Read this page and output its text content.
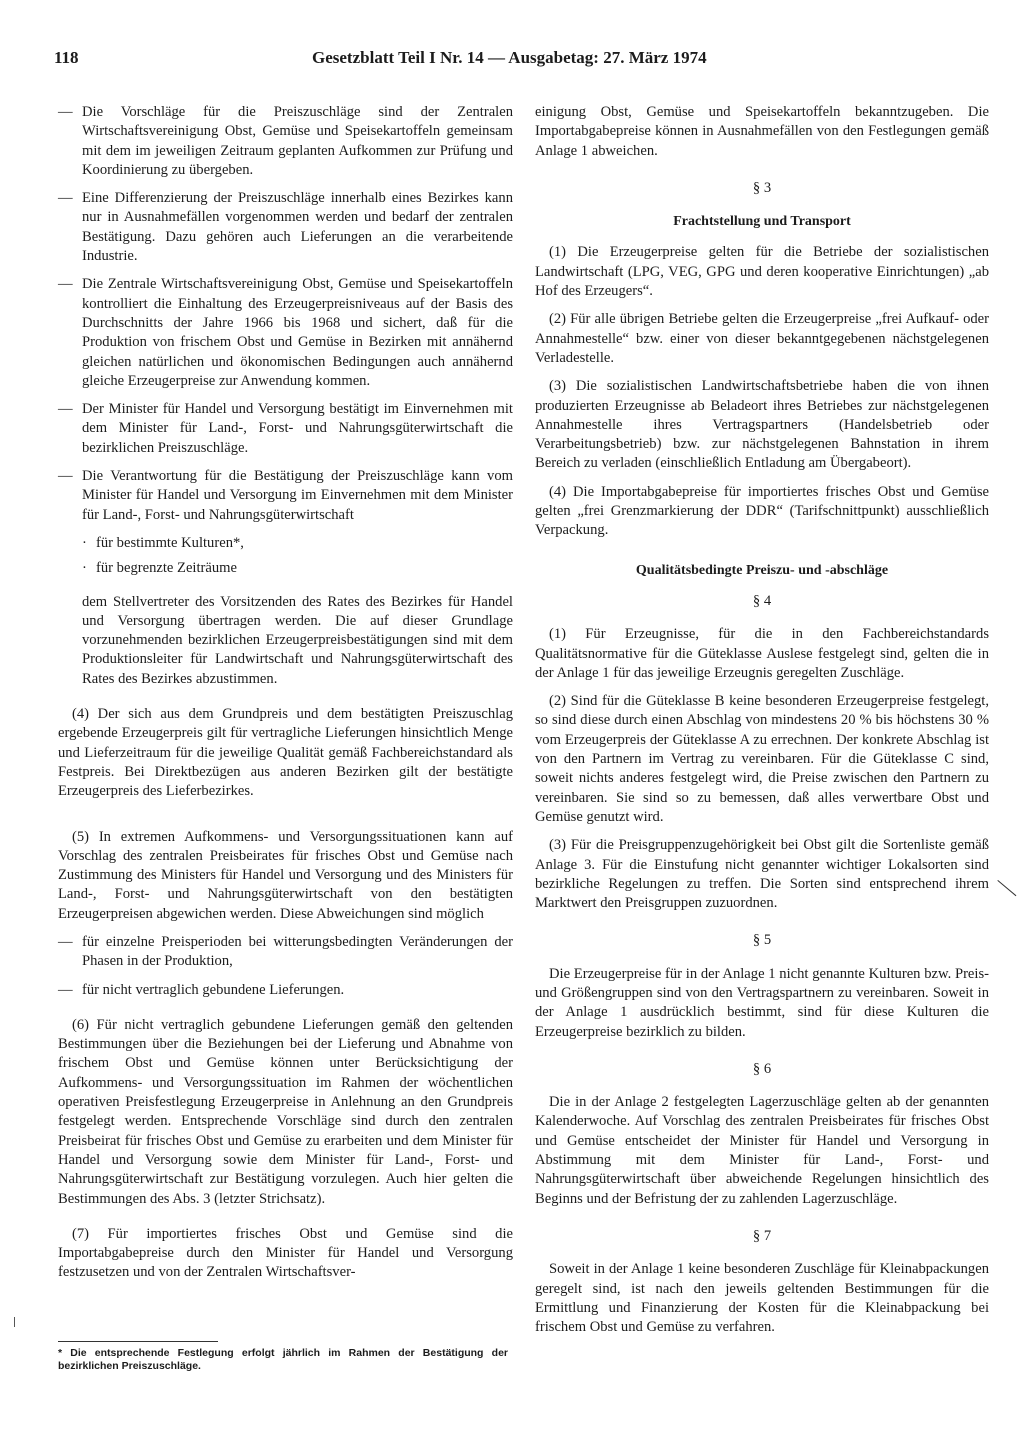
118	Gesetzblatt Teil I Nr. 14 — Ausgabetag: 27. März 1974
— Die Vorschläge für die Preiszuschläge sind der Zentralen Wirtschaftsvereinigung Obst, Gemüse und Speisekartoffeln gemeinsam mit dem im jeweiligen Zeitraum geplanten Aufkommen zur Prüfung und Koordinierung zu übergeben.
— Eine Differenzierung der Preiszuschläge innerhalb eines Bezirkes kann nur in Ausnahmefällen vorgenommen werden und bedarf der zentralen Bestätigung. Dazu gehören auch Lieferungen an die verarbeitende Industrie.
— Die Zentrale Wirtschaftsvereinigung Obst, Gemüse und Speisekartoffeln kontrolliert die Einhaltung des Erzeugerpreisniveaus auf der Basis des Durchschnitts der Jahre 1966 bis 1968 und sichert, daß für die Produktion von frischem Obst und Gemüse in Bezirken mit annähernd gleichen natürlichen und ökonomischen Bedingungen auch annähernd gleiche Erzeugerpreise zur Anwendung kommen.
— Der Minister für Handel und Versorgung bestätigt im Einvernehmen mit dem Minister für Land-, Forst- und Nahrungsgüterwirtschaft die bezirklichen Preiszuschläge.
— Die Verantwortung für die Bestätigung der Preiszuschläge kann vom Minister für Handel und Versorgung im Einvernehmen mit dem Minister für Land-, Forst- und Nahrungsgüterwirtschaft
· für bestimmte Kulturen*,
· für begrenzte Zeiträume

dem Stellvertreter des Vorsitzenden des Rates des Bezirkes für Handel und Versorgung übertragen werden. Die auf dieser Grundlage vorzunehmenden bezirklichen Erzeugerpreisbestätigungen sind mit dem Produktionsleiter für Landwirtschaft und Nahrungsgüterwirtschaft des Rates des Bezirkes abzustimmen.

(4) Der sich aus dem Grundpreis und dem bestätigten Preiszuschlag ergebende Erzeugerpreis gilt für vertragliche Lieferungen hinsichtlich Menge und Lieferzeitraum für die jeweilige Qualität gemäß Fachbereichstandard als Festpreis. Bei Direktbezügen aus anderen Bezirken gilt der bestätigte Erzeugerpreis des Lieferbezirkes.

(5) In extremen Aufkommens- und Versorgungssituationen kann auf Vorschlag des zentralen Preisbeirates für frisches Obst und Gemüse nach Zustimmung des Ministers für Handel und Versorgung und des Ministers für Land-, Forst- und Nahrungsgüterwirtschaft von den bestätigten Erzeugerpreisen abgewichen werden. Diese Abweichungen sind möglich

— für einzelne Preisperioden bei witterungsbedingten Veränderungen der Phasen in der Produktion,
— für nicht vertraglich gebundene Lieferungen.

(6) Für nicht vertraglich gebundene Lieferungen gemäß den geltenden Bestimmungen über die Beziehungen bei der Lieferung und Abnahme von frischem Obst und Gemüse können unter Berücksichtigung der Aufkommens- und Versorgungssituation im Rahmen der wöchentlichen operativen Preisfestlegung Erzeugerpreise in Anlehnung an den Grundpreis festgelegt werden. Entsprechende Vorschläge sind durch den zentralen Preisbeirat für frisches Obst und Gemüse zu erarbeiten und dem Minister für Handel und Versorgung sowie dem Minister für Land-, Forst- und Nahrungsgüterwirtschaft zur Bestätigung vorzulegen. Auch hier gelten die Bestimmungen des Abs. 3 (letzter Strichsatz).

(7) Für importiertes frisches Obst und Gemüse sind die Importabgabepreise durch den Minister für Handel und Versorgung festzusetzen und von der Zentralen Wirtschaftsver-

* Die entsprechende Festlegung erfolgt jährlich im Rahmen der Bestätigung der bezirklichen Preiszuschläge.

einigung Obst, Gemüse und Speisekartoffeln bekanntzugeben. Die Importabgabepreise können in Ausnahmefällen von den Festlegungen gemäß Anlage 1 abweichen.

§ 3
Frachtstellung und Transport

(1) Die Erzeugerpreise gelten für die Betriebe der sozialistischen Landwirtschaft (LPG, VEG, GPG und deren kooperative Einrichtungen) „ab Hof des Erzeugers“.

(2) Für alle übrigen Betriebe gelten die Erzeugerpreise „frei Aufkauf- oder Annahmestelle“ bzw. einer von dieser bekanntgegebenen nächstgelegenen Verladestelle.

(3) Die sozialistischen Landwirtschaftsbetriebe haben die von ihnen produzierten Erzeugnisse ab Beladeort ihres Betriebes zur nächstgelegenen Annahmestelle ihres Vertragspartners (Handelsbetrieb oder Verarbeitungsbetrieb) bzw. zur nächstgelegenen Bahnstation in ihrem Bereich zu verladen (einschließlich Entladung am Übergabeort).

(4) Die Importabgabepreise für importiertes frisches Obst und Gemüse gelten „frei Grenzmarkierung der DDR“ (Tarifschnittpunkt) ausschließlich Verpackung.

Qualitätsbedingte Preiszu- und -abschläge
§ 4

(1) Für Erzeugnisse, für die in den Fachbereichstandards Qualitätsnormative für die Güteklasse Auslese festgelegt sind, gelten die in der Anlage 1 für das jeweilige Erzeugnis geregelten Zuschläge.

(2) Sind für die Güteklasse B keine besonderen Erzeugerpreise festgelegt, so sind diese durch einen Abschlag von mindestens 20 % bis höchstens 30 % vom Erzeugerpreis der Güteklasse A zu errechnen. Der konkrete Abschlag ist von den Partnern im Vertrag zu vereinbaren. Für die Güteklasse C sind, soweit nichts anderes festgelegt wird, die Preise zwischen den Partnern zu vereinbaren. Sie sind so zu bemessen, daß alles verwertbare Obst und Gemüse genutzt wird.

(3) Für die Preisgruppenzugehörigkeit bei Obst gilt die Sortenliste gemäß Anlage 3. Für die Einstufung nicht genannter wichtiger Lokalsorten sind bezirkliche Regelungen zu treffen. Die Sorten sind entsprechend ihrem Marktwert den Preisgruppen zuzuordnen.

§ 5

Die Erzeugerpreise für in der Anlage 1 nicht genannte Kulturen bzw. Preis- und Größengruppen sind von den Vertragspartnern zu vereinbaren. Soweit in der Anlage 1 ausdrücklich bestimmt, sind für diese Kulturen die Erzeugerpreise bezirklich zu bilden.

§ 6

Die in der Anlage 2 festgelegten Lagerzuschläge gelten ab der genannten Kalenderwoche. Auf Vorschlag des zentralen Preisbeirates für frisches Obst und Gemüse entscheidet der Minister für Handel und Versorgung in Abstimmung mit dem Minister für Land-, Forst- und Nahrungsgüterwirtschaft über abweichende Regelungen hinsichtlich des Beginns und der Befristung der zu zahlenden Lagerzuschläge.

§ 7

Soweit in der Anlage 1 keine besonderen Zuschläge für Kleinabpackungen geregelt sind, ist nach den jeweils geltenden Bestimmungen für die Ermittlung und Finanzierung der Kosten für die Kleinabpackung bei frischem Obst und Gemüse zu verfahren.
